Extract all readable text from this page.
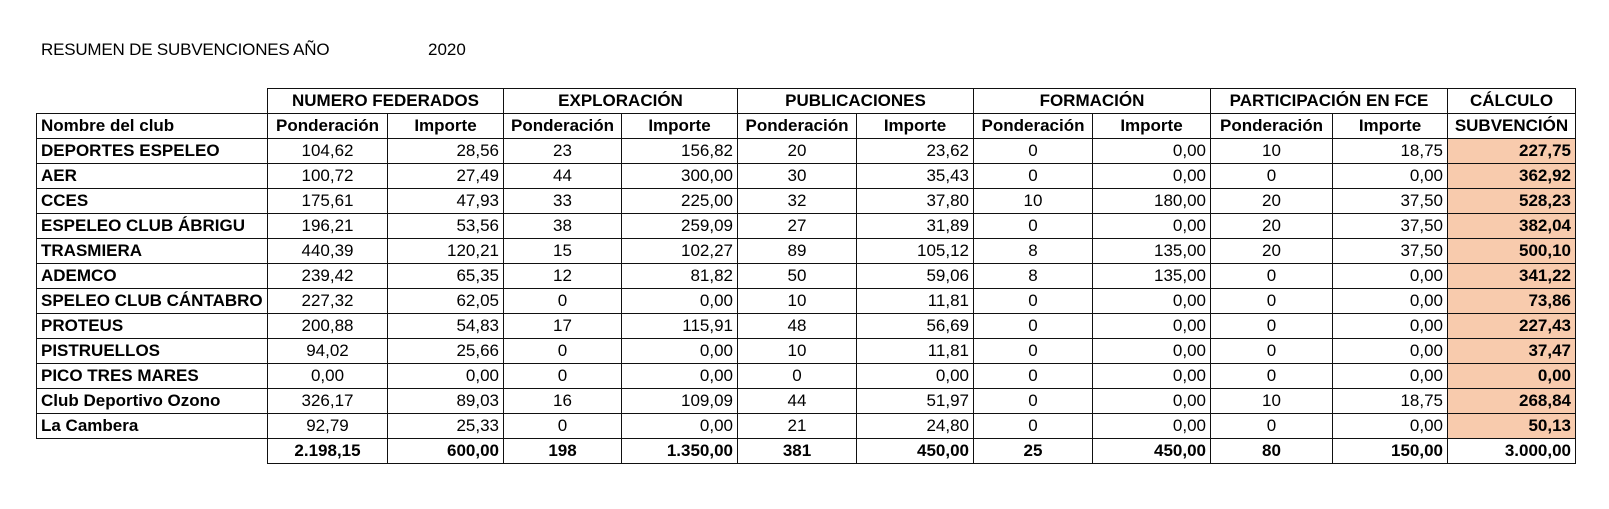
RESUMEN DE SUBVENCIONES AÑO	2020
	NUMERO FEDERADOS		EXPLORACIÓN		PUBLICACIONES		FORMACIÓN		PARTICIPACIÓN EN FCE		CÁLCULO
Nombre del club	Ponderación	Importe	Ponderación	Importe	Ponderación	Importe	Ponderación	Importe	Ponderación	Importe	SUBVENCIÓN
DEPORTES ESPELEO	104,62	28,56	23	156,82	20	23,62	0	0,00	10	18,75	227,75
AER	100,72	27,49	44	300,00	30	35,43	0	0,00	0	0,00	362,92
CCES	175,61	47,93	33	225,00	32	37,80	10	180,00	20	37,50	528,23
ESPELEO CLUB ÁBRIGU	196,21	53,56	38	259,09	27	31,89	0	0,00	20	37,50	382,04
TRASMIERA	440,39	120,21	15	102,27	89	105,12	8	135,00	20	37,50	500,10
ADEMCO	239,42	65,35	12	81,82	50	59,06	8	135,00	0	0,00	341,22
SPELEO CLUB CÁNTABRO	227,32	62,05	0	0,00	10	11,81	0	0,00	0	0,00	73,86
PROTEUS	200,88	54,83	17	115,91	48	56,69	0	0,00	0	0,00	227,43
PISTRUELLOS	94,02	25,66	0	0,00	10	11,81	0	0,00	0	0,00	37,47
PICO TRES MARES	0,00	0,00	0	0,00	0	0,00	0	0,00	0	0,00	0,00
Club Deportivo Ozono	326,17	89,03	16	109,09	44	51,97	0	0,00	10	18,75	268,84
La Cambera	92,79	25,33	0	0,00	21	24,80	0	0,00	0	0,00	50,13
	2.198,15	600,00	198	1.350,00	381	450,00	25	450,00	80	150,00	3.000,00
